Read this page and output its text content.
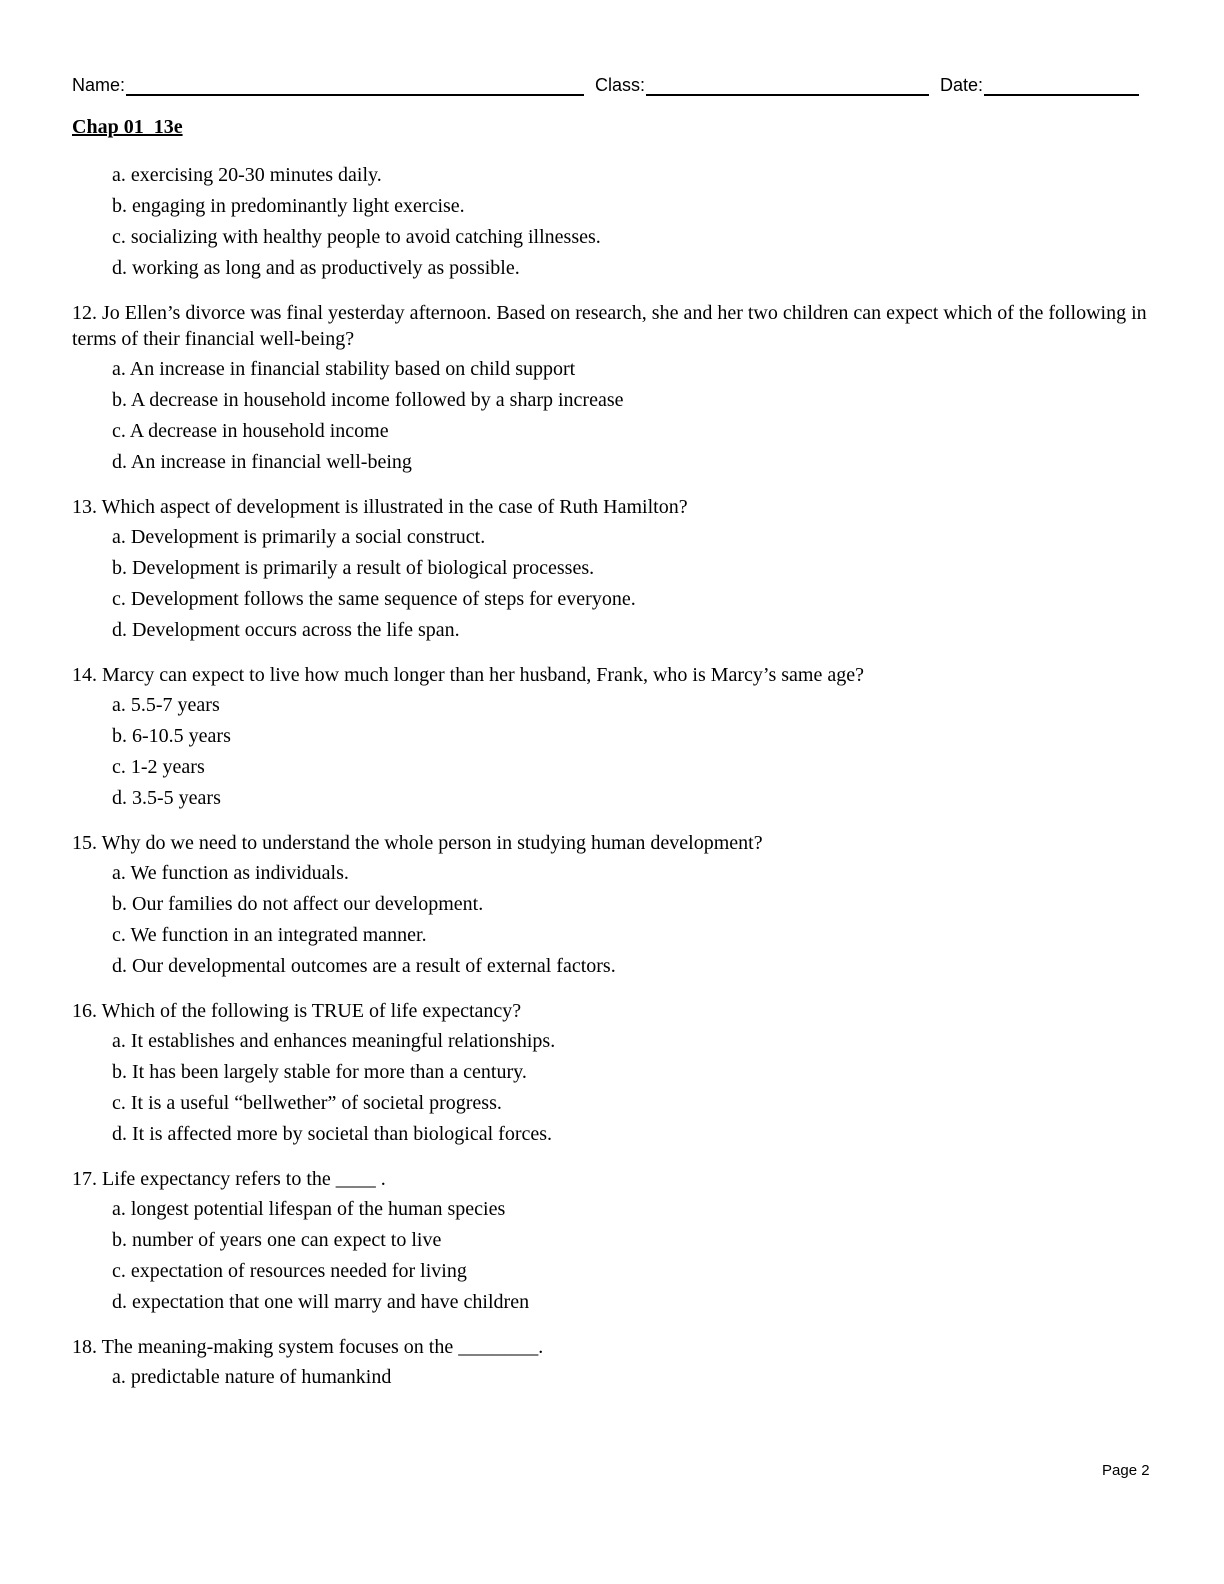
Name:	Class:	Date:
Chap 01_13e
a. exercising 20-30 minutes daily.
b. engaging in predominantly light exercise.
c. socializing with healthy people to avoid catching illnesses.
d. working as long and as productively as possible.
12. Jo Ellen’s divorce was final yesterday afternoon. Based on research, she and her two children can expect which of the following in terms of their financial well-being?
a. An increase in financial stability based on child support
b. A decrease in household income followed by a sharp increase
c. A decrease in household income
d. An increase in financial well-being
13. Which aspect of development is illustrated in the case of Ruth Hamilton?
a. Development is primarily a social construct.
b. Development is primarily a result of biological processes.
c. Development follows the same sequence of steps for everyone.
d. Development occurs across the life span.
14. Marcy can expect to live how much longer than her husband, Frank, who is Marcy’s same age?
a. 5.5-7 years
b. 6-10.5 years
c. 1-2 years
d. 3.5-5 years
15. Why do we need to understand the whole person in studying human development?
a. We function as individuals.
b. Our families do not affect our development.
c. We function in an integrated manner.
d. Our developmental outcomes are a result of external factors.
16. Which of the following is TRUE of life expectancy?
a. It establishes and enhances meaningful relationships.
b. It has been largely stable for more than a century.
c. It is a useful “bellwether” of societal progress.
d. It is affected more by societal than biological forces.
17. Life expectancy refers to the ____ .
a. longest potential lifespan of the human species
b. number of years one can expect to live
c. expectation of resources needed for living
d. expectation that one will marry and have children
18. The meaning-making system focuses on the ________.
a. predictable nature of humankind
Page 2
